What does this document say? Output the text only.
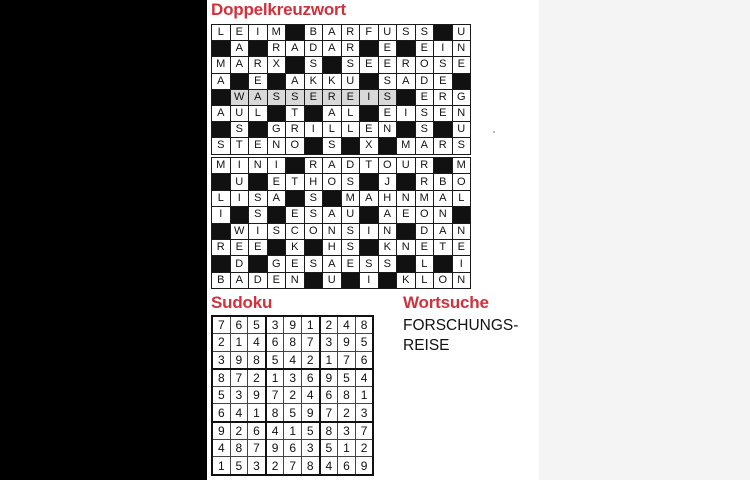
Doppelkreuzwort
L	E	I	M		B	A	R	F	U	S	S		U
	A		R	A	D	A	R		E		E	I	N
M	A	R	X		S		S	E	E	R	O	S	E
A		E		A	K	K	U		S	A	D	E	
	W	A	S	S	E	R	E	I	S		E	R	G
A	U	L		T		A	L		E	I	S	E	N
	S		G	R	I	L	L	E	N		S		U
S	T	E	N	O		S		X		M	A	R	S
M	I	N	I		R	A	D	T	O	U	R		M
	U		E	T	H	O	S		J		R	B	O
L	I	S	A		S		M	A	H	N	M	A	L
I		S		E	S	A	U		A	E	O	N	
	W	I	S	C	O	N	S	I	N		D	A	N
R	E	E		K		H	S		K	N	E	T	E
	D		G	E	S	A	E	S	S		L		I
B	A	D	E	N		U		I		K	L	O	N
Sudoku
7	6	5	3	9	1	2	4	8
2	1	4	6	8	7	3	9	5
3	9	8	5	4	2	1	7	6
8	7	2	1	3	6	9	5	4
5	3	9	7	2	4	6	8	1
6	4	1	8	5	9	7	2	3
9	2	6	4	1	5	8	3	7
4	8	7	9	6	3	5	1	2
1	5	3	2	7	8	4	6	9
Wortsuche

FORSCHUNGS-

REISE
